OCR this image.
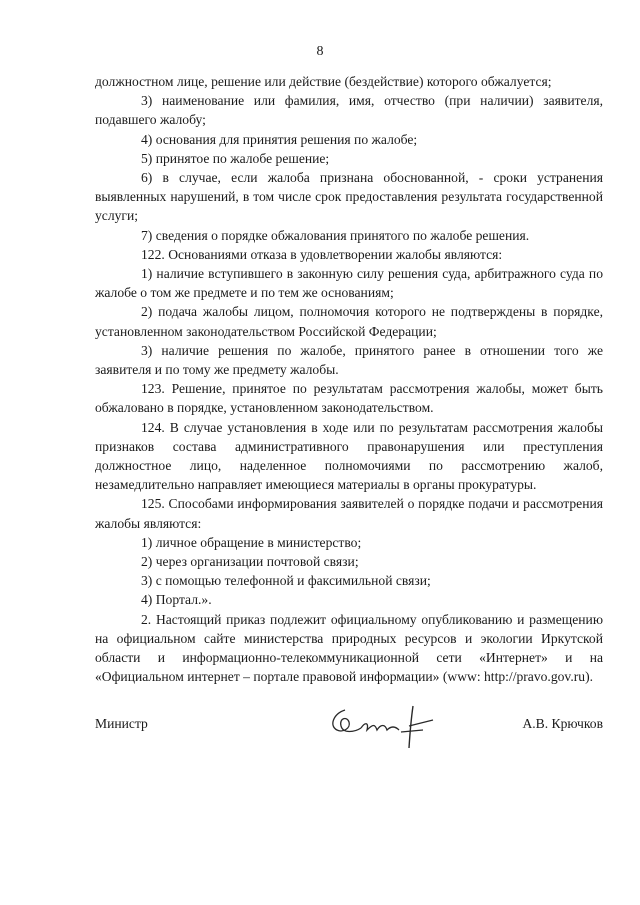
8

должностном лице, решение или действие (бездействие) которого обжалуется;

3) наименование или фамилия, имя, отчество (при наличии) заявителя, подавшего жалобу;

4) основания для принятия решения по жалобе;

5) принятое по жалобе решение;

6) в случае, если жалоба признана обоснованной, - сроки устранения выявленных нарушений, в том числе срок предоставления результата государственной услуги;

7) сведения о порядке обжалования принятого по жалобе решения.

122. Основаниями отказа в удовлетворении жалобы являются:

1) наличие вступившего в законную силу решения суда, арбитражного суда по жалобе о том же предмете и по тем же основаниям;

2) подача жалобы лицом, полномочия которого не подтверждены в порядке, установленном законодательством Российской Федерации;

3) наличие решения по жалобе, принятого ранее в отношении того же заявителя и по тому же предмету жалобы.

123. Решение, принятое по результатам рассмотрения жалобы, может быть обжаловано в порядке, установленном законодательством.

124. В случае установления в ходе или по результатам рассмотрения жалобы признаков состава административного правонарушения или преступления должностное лицо, наделенное полномочиями по рассмотрению жалоб, незамедлительно направляет имеющиеся материалы в органы прокуратуры.

125. Способами информирования заявителей о порядке подачи и рассмотрения жалобы являются:

1) личное обращение в министерство;

2) через организации почтовой связи;

3) с помощью телефонной и факсимильной связи;

4) Портал.».

2. Настоящий приказ подлежит официальному опубликованию и размещению на официальном сайте министерства природных ресурсов и экологии Иркутской области и информационно-телекоммуникационной сети «Интернет» и на «Официальном интернет – портале правовой информации» (www: http://pravo.gov.ru).

Министр	А.В. Крючков
